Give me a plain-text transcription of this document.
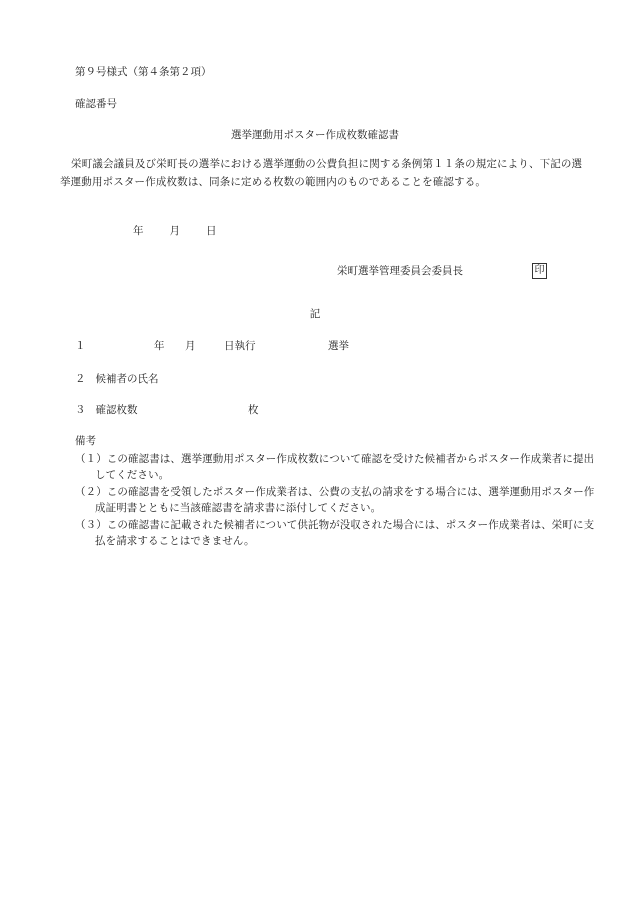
第９号様式（第４条第２項）
確認番号
選挙運動用ポスター作成枚数確認書
栄町議会議員及び栄町長の選挙における選挙運動の公費負担に関する条例第１１条の規定により、下記の選挙運動用ポスター作成枚数は、同条に定める枚数の範囲内のものであることを確認する。
年 月 日
栄町選挙管理委員会委員長	印
記
１	年 月	日執行	選挙
２ 候補者の氏名
３ 確認枚数	枚
備考
（１）この確認書は、選挙運動用ポスター作成枚数について確認を受けた候補者からポスター作成業者に提出してください。
（２）この確認書を受領したポスター作成業者は、公費の支払の請求をする場合には、選挙運動用ポスター作成証明書とともに当該確認書を請求書に添付してください。
（３）この確認書に記載された候補者について供託物が没収された場合には、ポスター作成業者は、栄町に支払を請求することはできません。
